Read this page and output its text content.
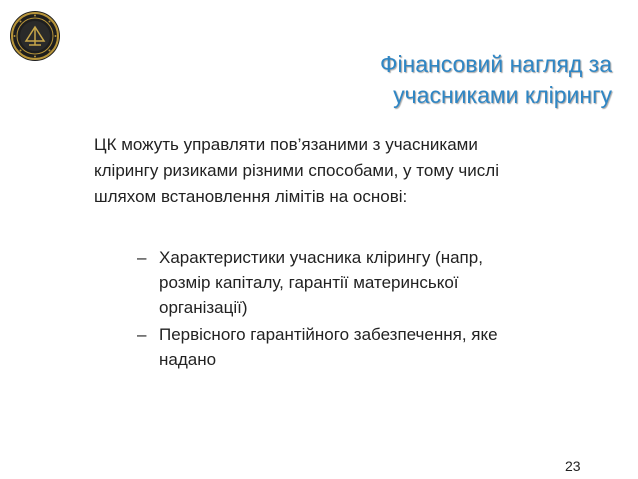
Фінансовий нагляд за
учасниками клірингу
ЦК можуть управляти пов’язаними з учасниками
клірингу ризиками різними способами, у тому числі
шляхом встановлення лімітів на основі:
– Характеристики учасника клірингу (напр,
розмір капіталу, гарантії материнської
організації)
– Первісного гарантійного забезпечення, яке
надано
23
